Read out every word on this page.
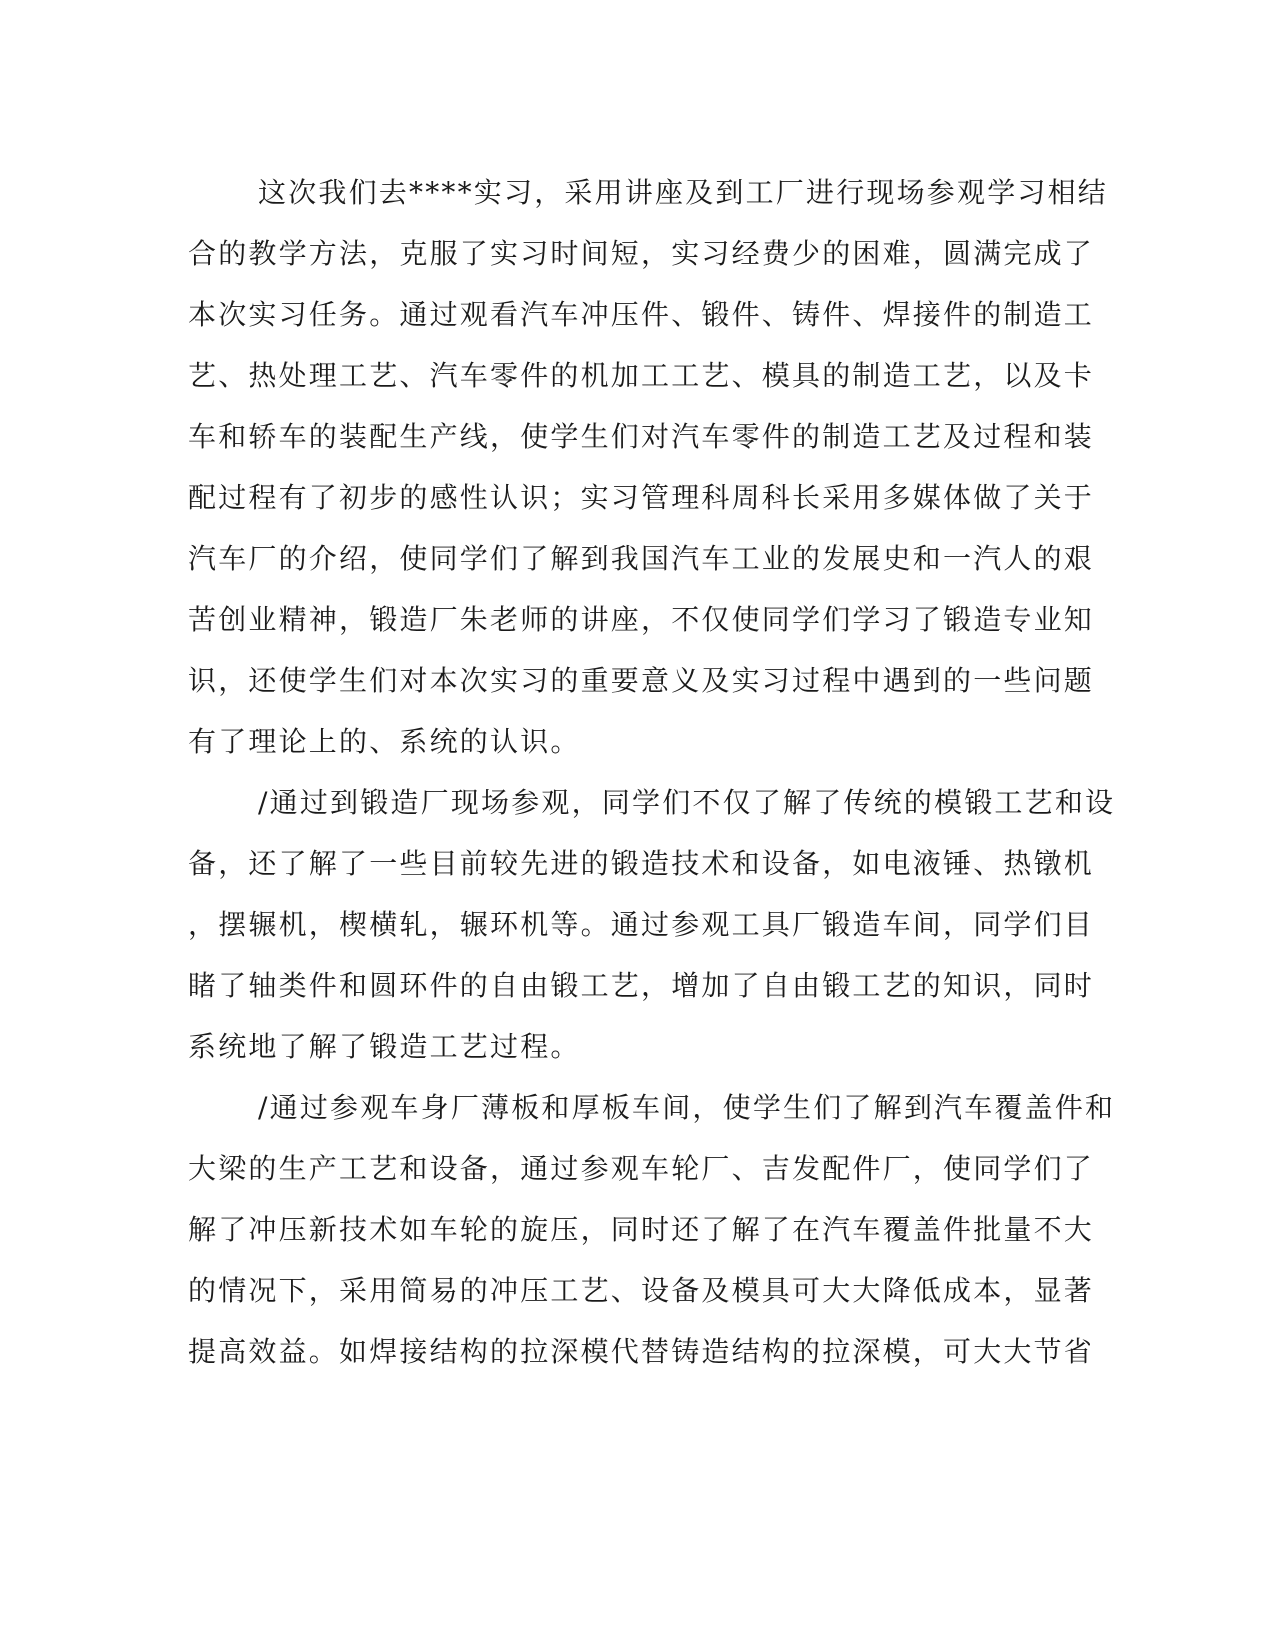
这次我们去****实习，采用讲座及到工厂进行现场参观学习相结
合的教学方法，克服了实习时间短，实习经费少的困难，圆满完成了
本次实习任务。通过观看汽车冲压件、锻件、铸件、焊接件的制造工
艺、热处理工艺、汽车零件的机加工工艺、模具的制造工艺，以及卡
车和轿车的装配生产线，使学生们对汽车零件的制造工艺及过程和装
配过程有了初步的感性认识；实习管理科周科长采用多媒体做了关于
汽车厂的介绍，使同学们了解到我国汽车工业的发展史和一汽人的艰
苦创业精神，锻造厂朱老师的讲座，不仅使同学们学习了锻造专业知
识，还使学生们对本次实习的重要意义及实习过程中遇到的一些问题
有了理论上的、系统的认识。
/通过到锻造厂现场参观，同学们不仅了解了传统的模锻工艺和设
备，还了解了一些目前较先进的锻造技术和设备，如电液锤、热镦机
，摆辗机，楔横轧，辗环机等。通过参观工具厂锻造车间，同学们目
睹了轴类件和圆环件的自由锻工艺，增加了自由锻工艺的知识，同时
系统地了解了锻造工艺过程。
/通过参观车身厂薄板和厚板车间，使学生们了解到汽车覆盖件和
大梁的生产工艺和设备，通过参观车轮厂、吉发配件厂，使同学们了
解了冲压新技术如车轮的旋压，同时还了解了在汽车覆盖件批量不大
的情况下，采用简易的冲压工艺、设备及模具可大大降低成本，显著
提高效益。如焊接结构的拉深模代替铸造结构的拉深模，可大大节省
